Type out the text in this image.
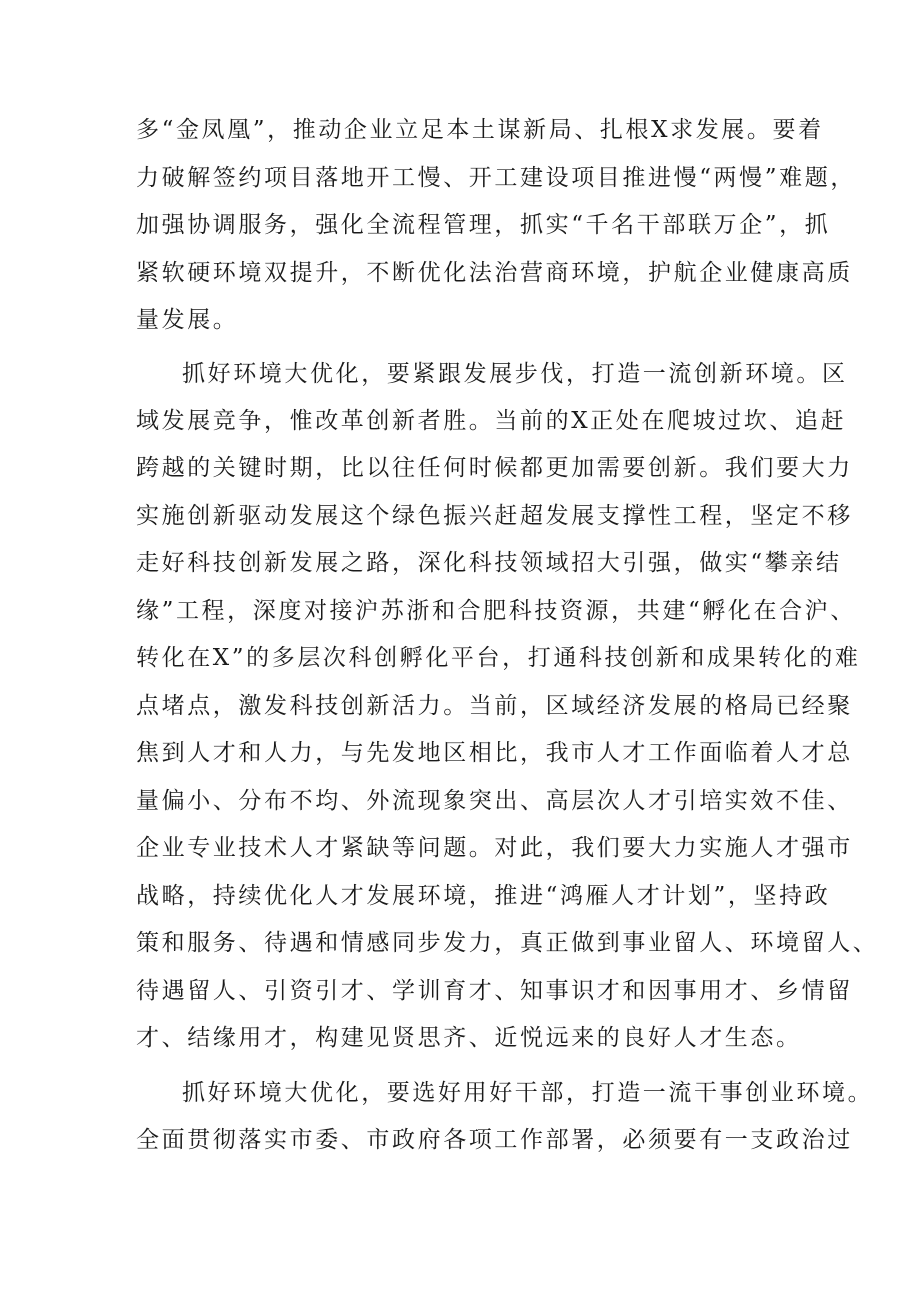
多“金凤凰”，推动企业立足本土谋新局、扎根X求发展。要着
力破解签约项目落地开工慢、开工建设项目推进慢“两慢”难题，
加强协调服务，强化全流程管理，抓实“千名干部联万企”，抓
紧软硬环境双提升，不断优化法治营商环境，护航企业健康高质
量发展。
抓好环境大优化，要紧跟发展步伐，打造一流创新环境。区
域发展竞争，惟改革创新者胜。当前的X正处在爬坡过坎、追赶
跨越的关键时期，比以往任何时候都更加需要创新。我们要大力
实施创新驱动发展这个绿色振兴赶超发展支撑性工程，坚定不移
走好科技创新发展之路，深化科技领域招大引强，做实“攀亲结
缘”工程，深度对接沪苏浙和合肥科技资源，共建“孵化在合沪、
转化在X”的多层次科创孵化平台，打通科技创新和成果转化的难
点堵点，激发科技创新活力。当前，区域经济发展的格局已经聚
焦到人才和人力，与先发地区相比，我市人才工作面临着人才总
量偏小、分布不均、外流现象突出、高层次人才引培实效不佳、
企业专业技术人才紧缺等问题。对此，我们要大力实施人才强市
战略，持续优化人才发展环境，推进“鸿雁人才计划”，坚持政
策和服务、待遇和情感同步发力，真正做到事业留人、环境留人、
待遇留人、引资引才、学训育才、知事识才和因事用才、乡情留
才、结缘用才，构建见贤思齐、近悦远来的良好人才生态。
抓好环境大优化，要选好用好干部，打造一流干事创业环境。
全面贯彻落实市委、市政府各项工作部署，必须要有一支政治过
